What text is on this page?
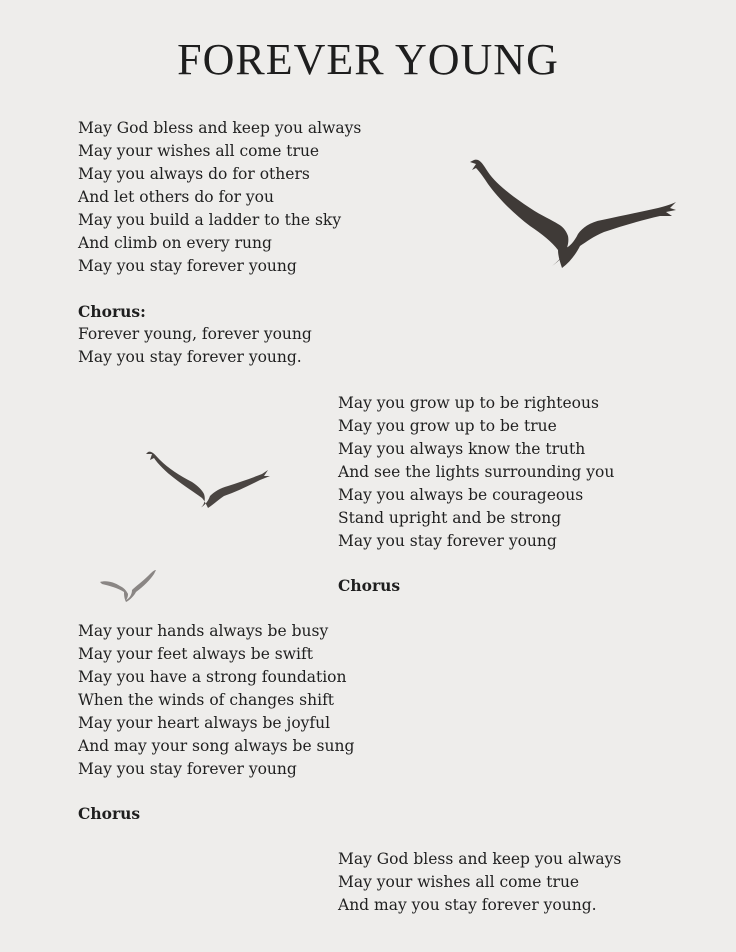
FOREVER YOUNG
May God bless and keep you always
May your wishes all come true
May you always do for others
And let others do for you
May you build a ladder to the sky
And climb on every rung
May you stay forever young
Chorus:
Forever young, forever young
May you stay forever young.
May you grow up to be righteous
May you grow up to be true
May you always know the truth
And see the lights surrounding you
May you always be courageous
Stand upright and be strong
May you stay forever young
Chorus
May your hands always be busy
May your feet always be swift
May you have a strong foundation
When the winds of changes shift
May your heart always be joyful
And may your song always be sung
May you stay forever young
Chorus
May God bless and keep you always
May your wishes all come true
And may you stay forever young.
